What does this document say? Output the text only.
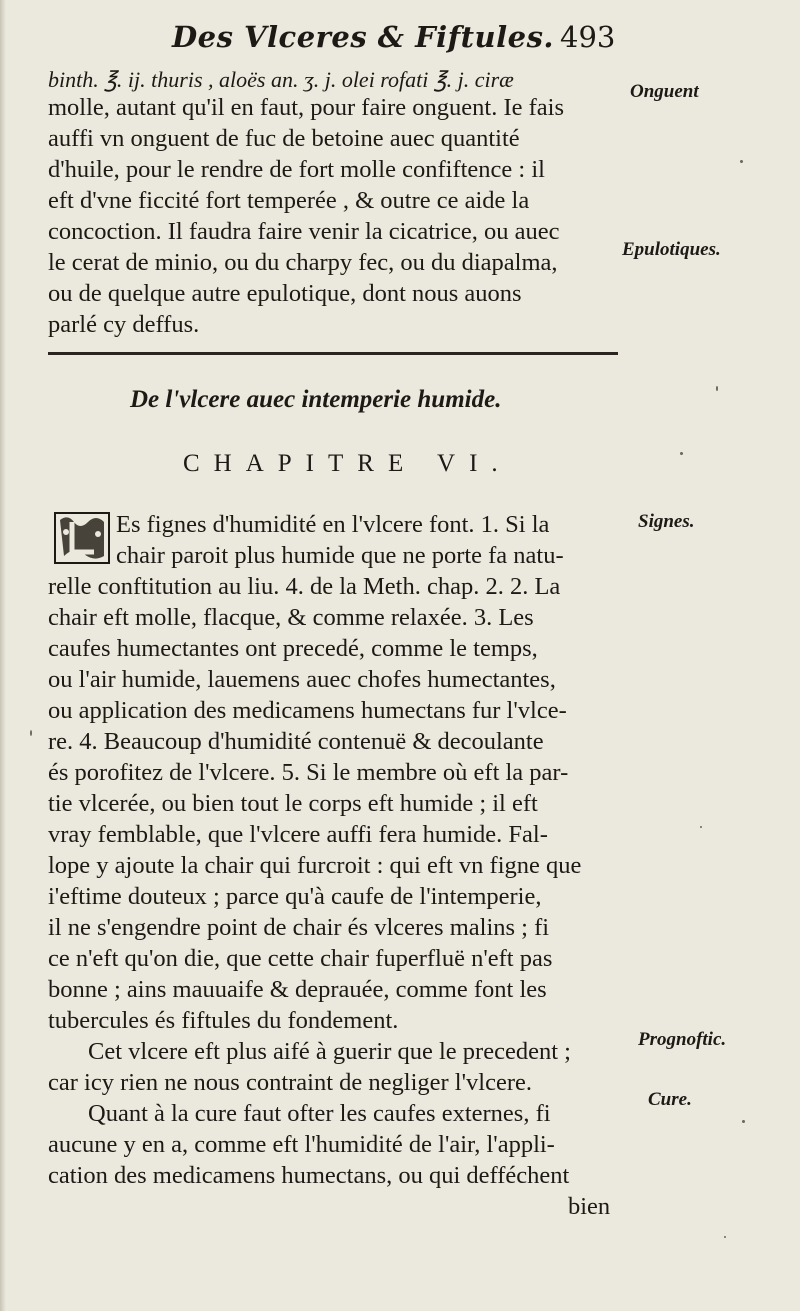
Des Vlceres & Fiftules. 493

binth. ℥. ij. thuris , aloës an. ʒ. j. olei rofati ℥. j. ciræ

molle, autant qu'il en faut, pour faire onguent. Ie fais

auffi vn onguent de fuc de betoine auec quantité

d'huile, pour le rendre de fort molle confiftence : il

eft d'vne ficcité fort temperée , & outre ce aide la

concoction. Il faudra faire venir la cicatrice, ou auec

le cerat de minio, ou du charpy fec, ou du diapalma,

ou de quelque autre epulotique, dont nous auons

parlé cy deffus.

De l'vlcere auec intemperie humide.

CHAPITRE VI.

Es fignes d'humidité en l'vlcere font. 1. Si la

chair paroit plus humide que ne porte fa natu-

relle conftitution au liu. 4. de la Meth. chap. 2. 2. La

chair eft molle, flacque, & comme relaxée. 3. Les

caufes humectantes ont precedé, comme le temps,

ou l'air humide, lauemens auec chofes humectantes,

ou application des medicamens humectans fur l'vlce-

re. 4. Beaucoup d'humidité contenuë & decoulante

és porofitez de l'vlcere. 5. Si le membre où eft la par-

tie vlcerée, ou bien tout le corps eft humide ; il eft

vray femblable, que l'vlcere auffi fera humide. Fal-

lope y ajoute la chair qui furcroit : qui eft vn figne que

i'eftime douteux ; parce qu'à caufe de l'intemperie,

il ne s'engendre point de chair és vlceres malins ; fi

ce n'eft qu'on die, que cette chair fuperfluë n'eft pas

bonne ; ains mauuaife & deprauée, comme font les

tubercules és fiftules du fondement.

Cet vlcere eft plus aifé à guerir que le precedent ;

car icy rien ne nous contraint de negliger l'vlcere.

Quant à la cure faut ofter les caufes externes, fi

aucune y en a, comme eft l'humidité de l'air, l'appli-

cation des medicamens humectans, ou qui defféchent

bien

Onguent

Epulotiques.

Signes.

Prognoftic.

Cure.
